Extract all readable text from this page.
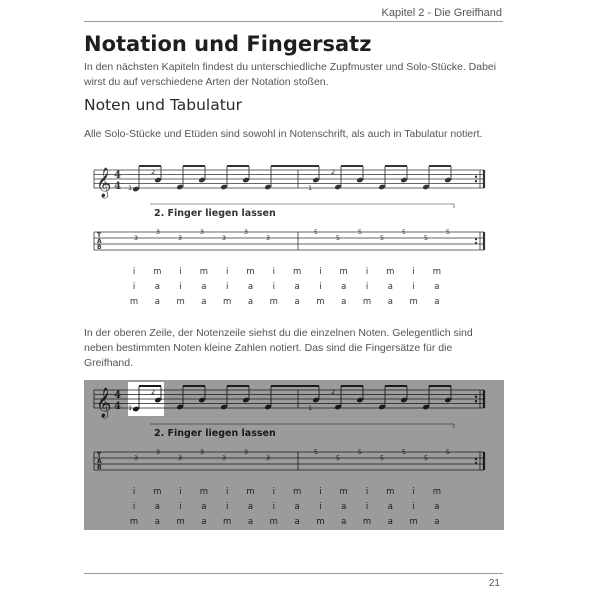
Kapitel 2 - Die Greifhand
Notation und Fingersatz
In den nächsten Kapiteln findest du unterschiedliche Zupfmuster und Solo-Stücke. Dabei wirst du auf verschiedene Arten der Notation stoßen.
Noten und Tabulatur
Alle Solo-Stücke und Etüden sind sowohl in Notenschrift, als auch in Tabulatur notiert.
𝄞 4
4 1
2
1
2
2. Finger liegen lassen
T
A
B
3
3
3
3
3
3
3
5
5
5
5
5
5
5
i m i m i m i m i m i m i m
i a i a i a i a i a i a i a
m a m a m a m a m a m a m a
In der oberen Zeile, der Notenzeile siehst du die einzelnen Noten. Gelegentlich sind neben bestimmten Noten kleine Zahlen notiert. Das sind die Fingersätze für die Greifhand.
𝄞 4
4 1
2
1
2
2. Finger liegen lassen
T
A
B
3
3
3
3
3
3
3
5
5
5
5
5
5
5
i m i m i m i m i m i m i m
i a i a i a i a i a i a i a
m a m a m a m a m a m a m a
21
